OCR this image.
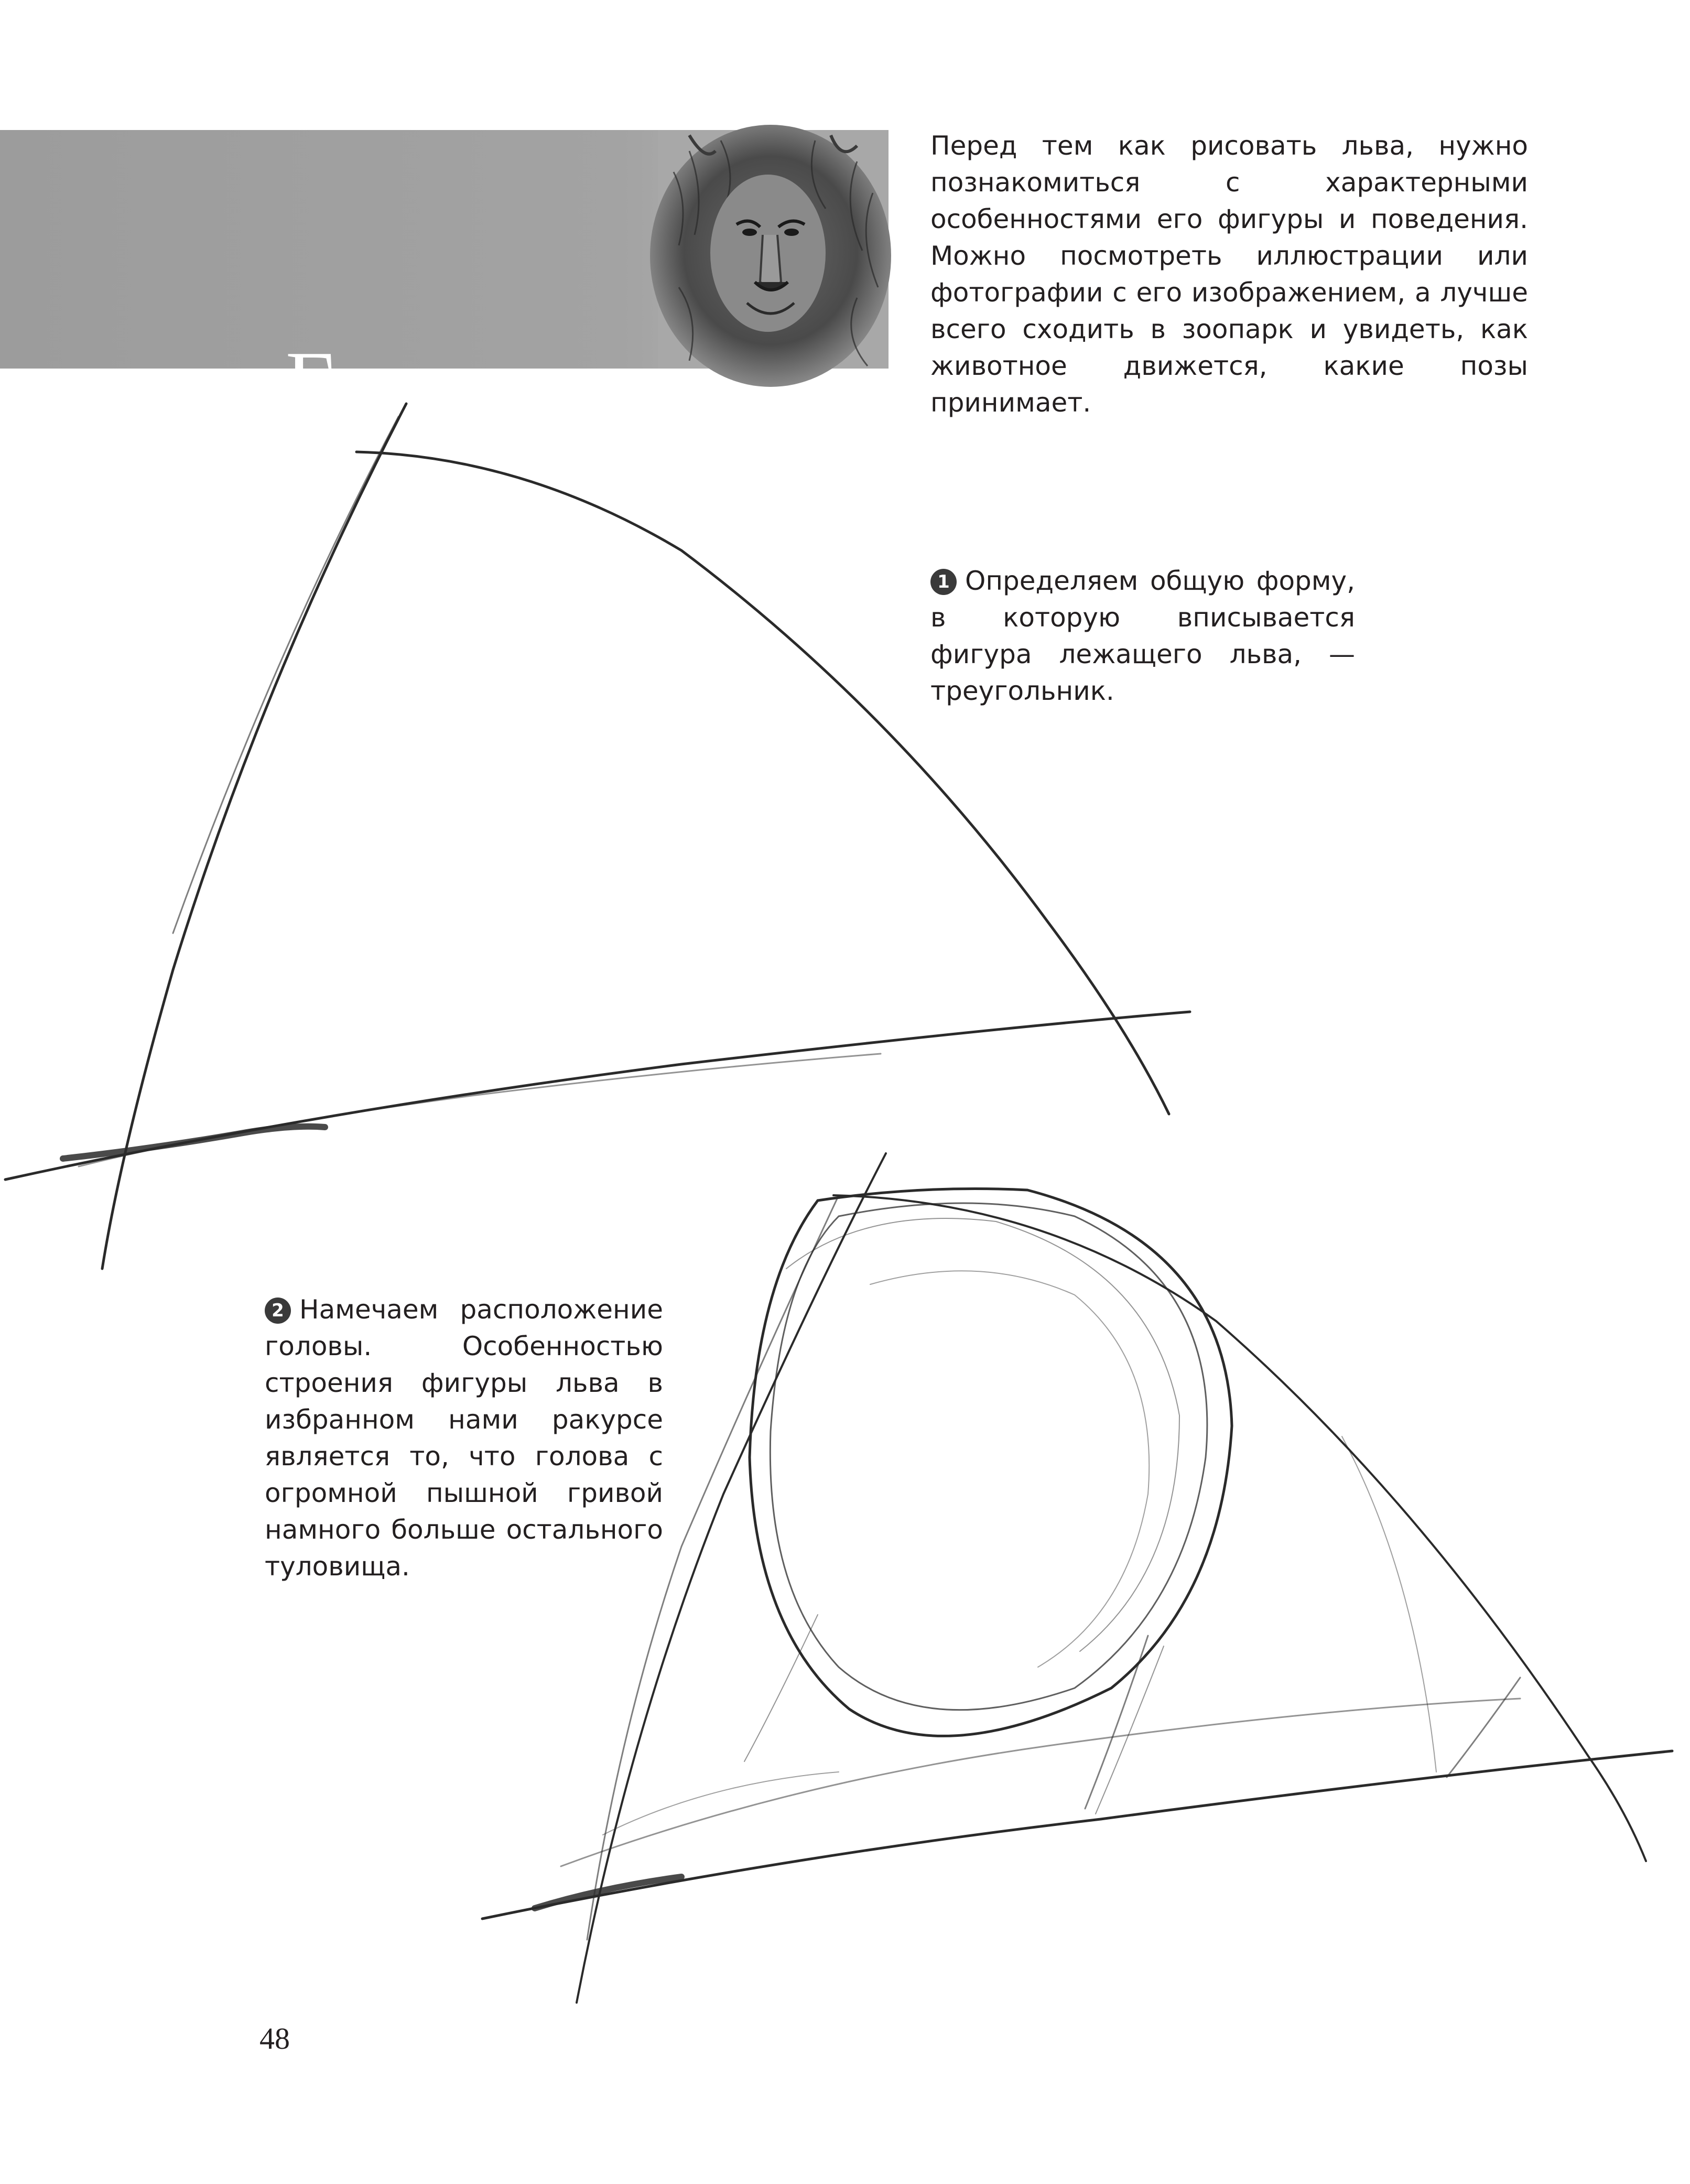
Голова льва
Перед тем как рисовать льва, нужно познакомиться с характерными особенностями его фигуры и поведения. Можно посмотреть иллюстрации или фотографии с его изображением, а лучше всего сходить в зоопарк и увидеть, как животное движется, какие позы принимает.
1 Определяем общую форму, в которую вписывается фигура лежащего льва, — треугольник.
2 Намечаем расположение головы. Особенностью строения фигуры льва в избранном нами ракурсе является то, что голова с огромной пышной гривой намного больше остального туловища.
48
